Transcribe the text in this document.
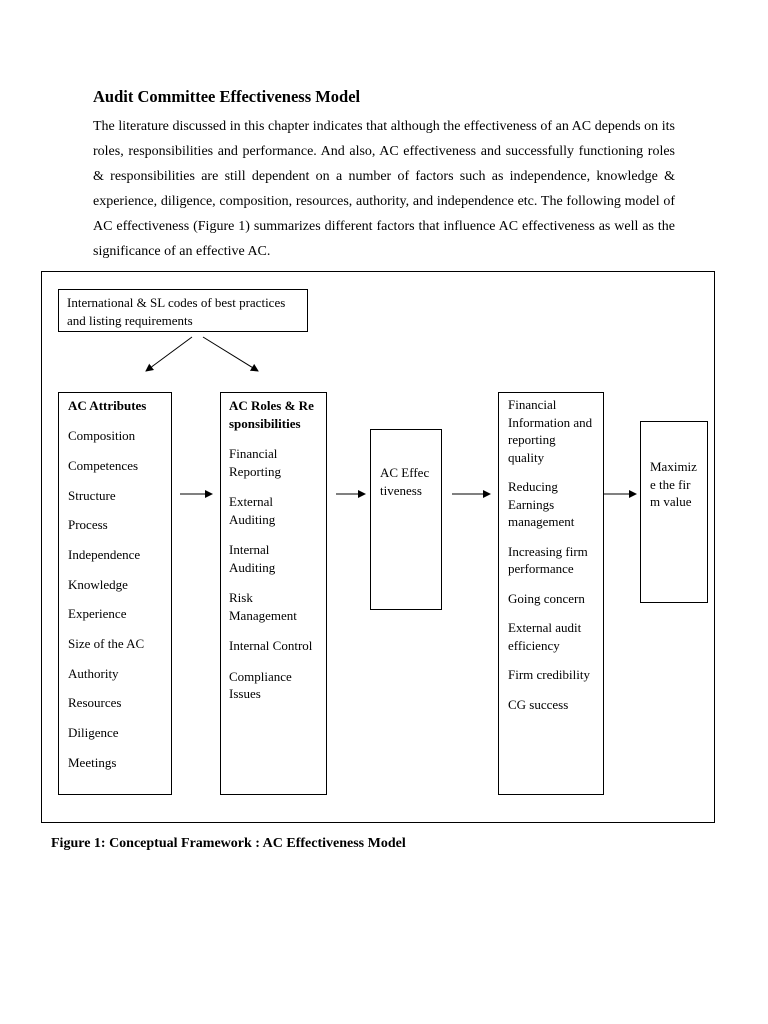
Audit Committee Effectiveness Model

The literature discussed in this chapter indicates that although the effectiveness of an AC depends on its roles, responsibilities and performance. And also, AC effectiveness and successfully functioning roles & responsibilities are still dependent on a number of factors such as independence, knowledge & experience, diligence, composition, resources, authority, and independence etc. The following model of AC effectiveness (Figure 1) summarizes different factors that influence AC effectiveness as well as the significance of an effective AC.

International & SL codes of best practices and listing requirements
AC Attributes
Composition
Competences
Structure
Process
Independence
Knowledge
Experience
Size of the AC
Authority
Resources
Diligence
Meetings
AC Roles & Responsibilities
Financial Reporting
External Auditing
Internal Auditing
Risk Management
Internal Control
Compliance Issues
AC Effectiveness
Financial Information and reporting quality
Reducing Earnings management
Increasing firm performance
Going concern
External audit efficiency
Firm credibility
CG success
Maximize the firm value
Figure 1: Conceptual Framework : AC Effectiveness Model
